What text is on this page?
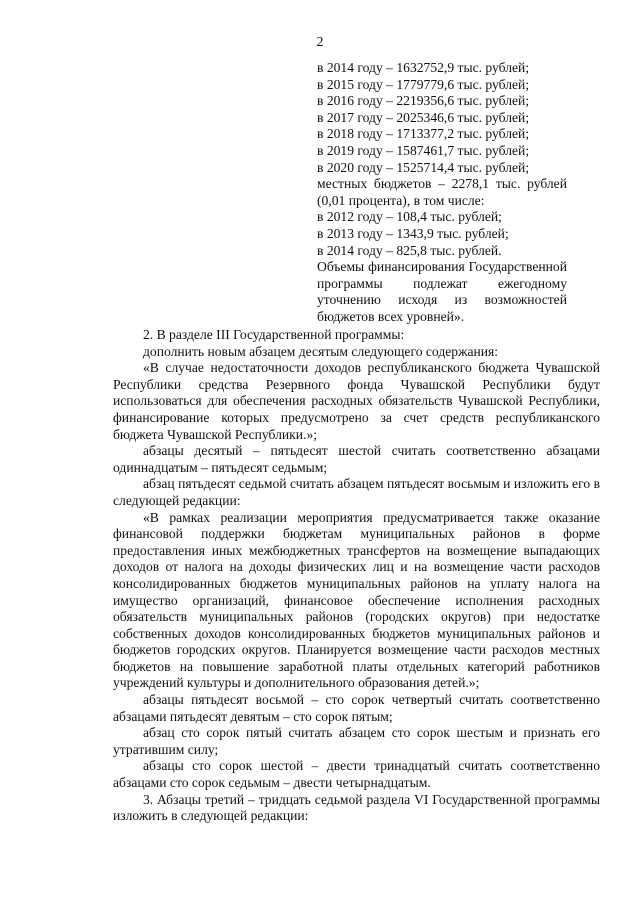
2
в 2014 году – 1632752,9 тыс. рублей;
в 2015 году – 1779779,6 тыс. рублей;
в 2016 году – 2219356,6 тыс. рублей;
в 2017 году – 2025346,6 тыс. рублей;
в 2018 году – 1713377,2 тыс. рублей;
в 2019 году – 1587461,7 тыс. рублей;
в 2020 году – 1525714,4 тыс. рублей;
местных бюджетов – 2278,1 тыс. рублей (0,01 процента), в том числе:
в 2012 году – 108,4 тыс. рублей;
в 2013 году – 1343,9 тыс. рублей;
в 2014 году – 825,8 тыс. рублей.
Объемы финансирования Государственной программы подлежат ежегодному уточнению исходя из возможностей бюджетов всех уровней».

2. В разделе III Государственной программы:

дополнить новым абзацем десятым следующего содержания:

«В случае недостаточности доходов республиканского бюджета Чувашской Республики средства Резервного фонда Чувашской Республики будут использоваться для обеспечения расходных обязательств Чувашской Республики, финансирование которых предусмотрено за счет средств республиканского бюджета Чувашской Республики.»;

абзацы десятый – пятьдесят шестой считать соответственно абзацами одиннадцатым – пятьдесят седьмым;

абзац пятьдесят седьмой считать абзацем пятьдесят восьмым и изложить его в следующей редакции:

«В рамках реализации мероприятия предусматривается также оказание финансовой поддержки бюджетам муниципальных районов в форме предоставления иных межбюджетных трансфертов на возмещение выпадающих доходов от налога на доходы физических лиц и на возмещение части расходов консолидированных бюджетов муниципальных районов на уплату налога на имущество организаций, финансовое обеспечение исполнения расходных обязательств муниципальных районов (городских округов) при недостатке собственных доходов консолидированных бюджетов муниципальных районов и бюджетов городских округов. Планируется возмещение части расходов местных бюджетов на повышение заработной платы отдельных категорий работников учреждений культуры и дополнительного образования детей.»;

абзацы пятьдесят восьмой – сто сорок четвертый считать соответственно абзацами пятьдесят девятым – сто сорок пятым;

абзац сто сорок пятый считать абзацем сто сорок шестым и признать его утратившим силу;

абзацы сто сорок шестой – двести тринадцатый считать соответственно абзацами сто сорок седьмым – двести четырнадцатым.

3. Абзацы третий – тридцать седьмой раздела VI Государственной программы изложить в следующей редакции:
